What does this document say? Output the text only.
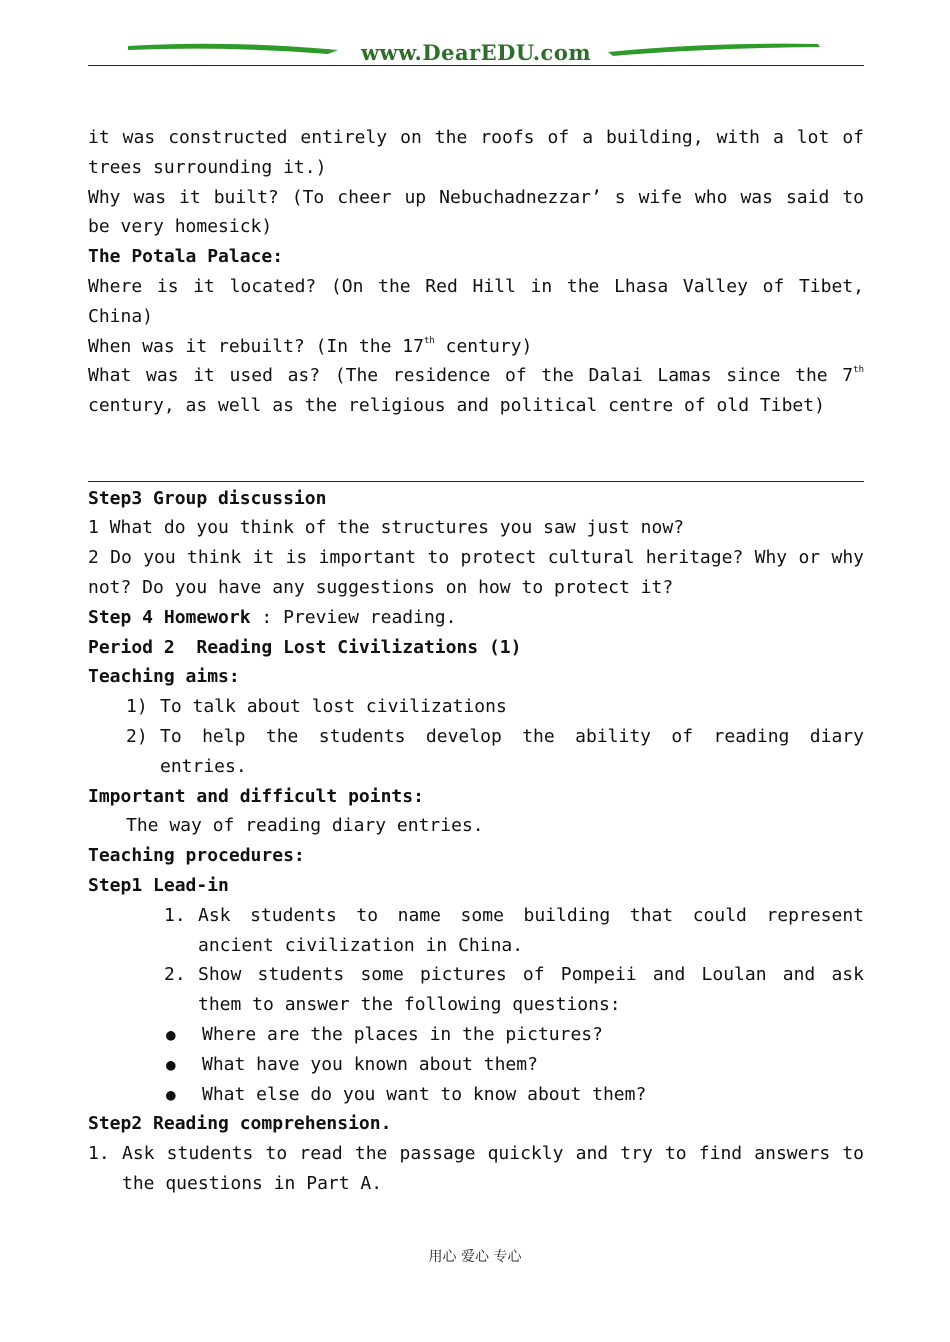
www.DearEDU.com
it was constructed entirely on the roofs of a building, with a lot of
trees surrounding it.)
Why was it built? (To cheer up Nebuchadnezzar’ s wife who was said to
be very homesick)
The Potala Palace:
Where is it located? (On the Red Hill in the Lhasa Valley of Tibet,
China)
When was it rebuilt? (In the 17th century)
What was it used as? (The residence of the Dalai Lamas since the 7th
century, as well as the religious and political centre of old Tibet)
Step3 Group discussion
1 What do you think of the structures you saw just now?
2 Do you think it is important to protect cultural heritage? Why or why
not? Do you have any suggestions on how to protect it?
Step 4 Homework : Preview reading.
Period 2  Reading Lost Civilizations (1)
Teaching aims:
1) To talk about lost civilizations
2) To help the students develop the ability of reading diary
entries.
Important and difficult points:
The way of reading diary entries.
Teaching procedures:
Step1 Lead-in
1. Ask students to name some building that could represent
ancient civilization in China.
2. Show students some pictures of Pompeii and Loulan and ask
them to answer the following questions:
● Where are the places in the pictures?
● What have you known about them?
● What else do you want to know about them?
Step2 Reading comprehension.
1. Ask students to read the passage quickly and try to find answers to
the questions in Part A.
用心 爱心 专心
